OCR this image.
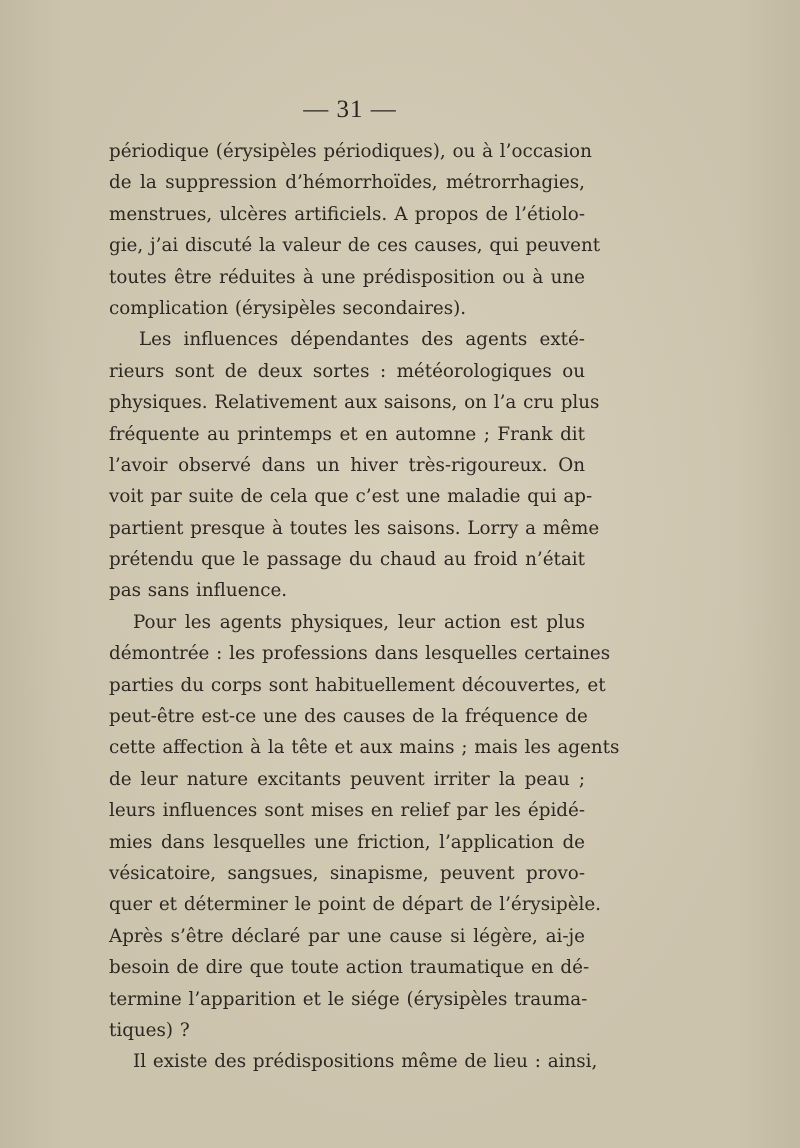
— 31 —
périodique (érysipèles périodiques), ou à l’occasion
de la suppression d’hémorrhoïdes, métrorrhagies,
menstrues, ulcères artificiels. A propos de l’étiolo-
gie, j’ai discuté la valeur de ces causes, qui peuvent
toutes être réduites à une prédisposition ou à une
complication (érysipèles secondaires).
Les influences dépendantes des agents exté-
rieurs sont de deux sortes : météorologiques ou
physiques. Relativement aux saisons, on l’a cru plus
fréquente au printemps et en automne ; Frank dit
l’avoir observé dans un hiver très-rigoureux. On
voit par suite de cela que c’est une maladie qui ap-
partient presque à toutes les saisons. Lorry a même
prétendu que le passage du chaud au froid n’était
pas sans influence.
Pour les agents physiques, leur action est plus
démontrée : les professions dans lesquelles certaines
parties du corps sont habituellement découvertes, et
peut-être est-ce une des causes de la fréquence de
cette affection à la tête et aux mains ; mais les agents
de leur nature excitants peuvent irriter la peau ;
leurs influences sont mises en relief par les épidé-
mies dans lesquelles une friction, l’application de
vésicatoire, sangsues, sinapisme, peuvent provo-
quer et déterminer le point de départ de l’érysipèle.
Après s’être déclaré par une cause si légère, ai-je
besoin de dire que toute action traumatique en dé-
termine l’apparition et le siége (érysipèles trauma-
tiques) ?
Il existe des prédispositions même de lieu : ainsi,
